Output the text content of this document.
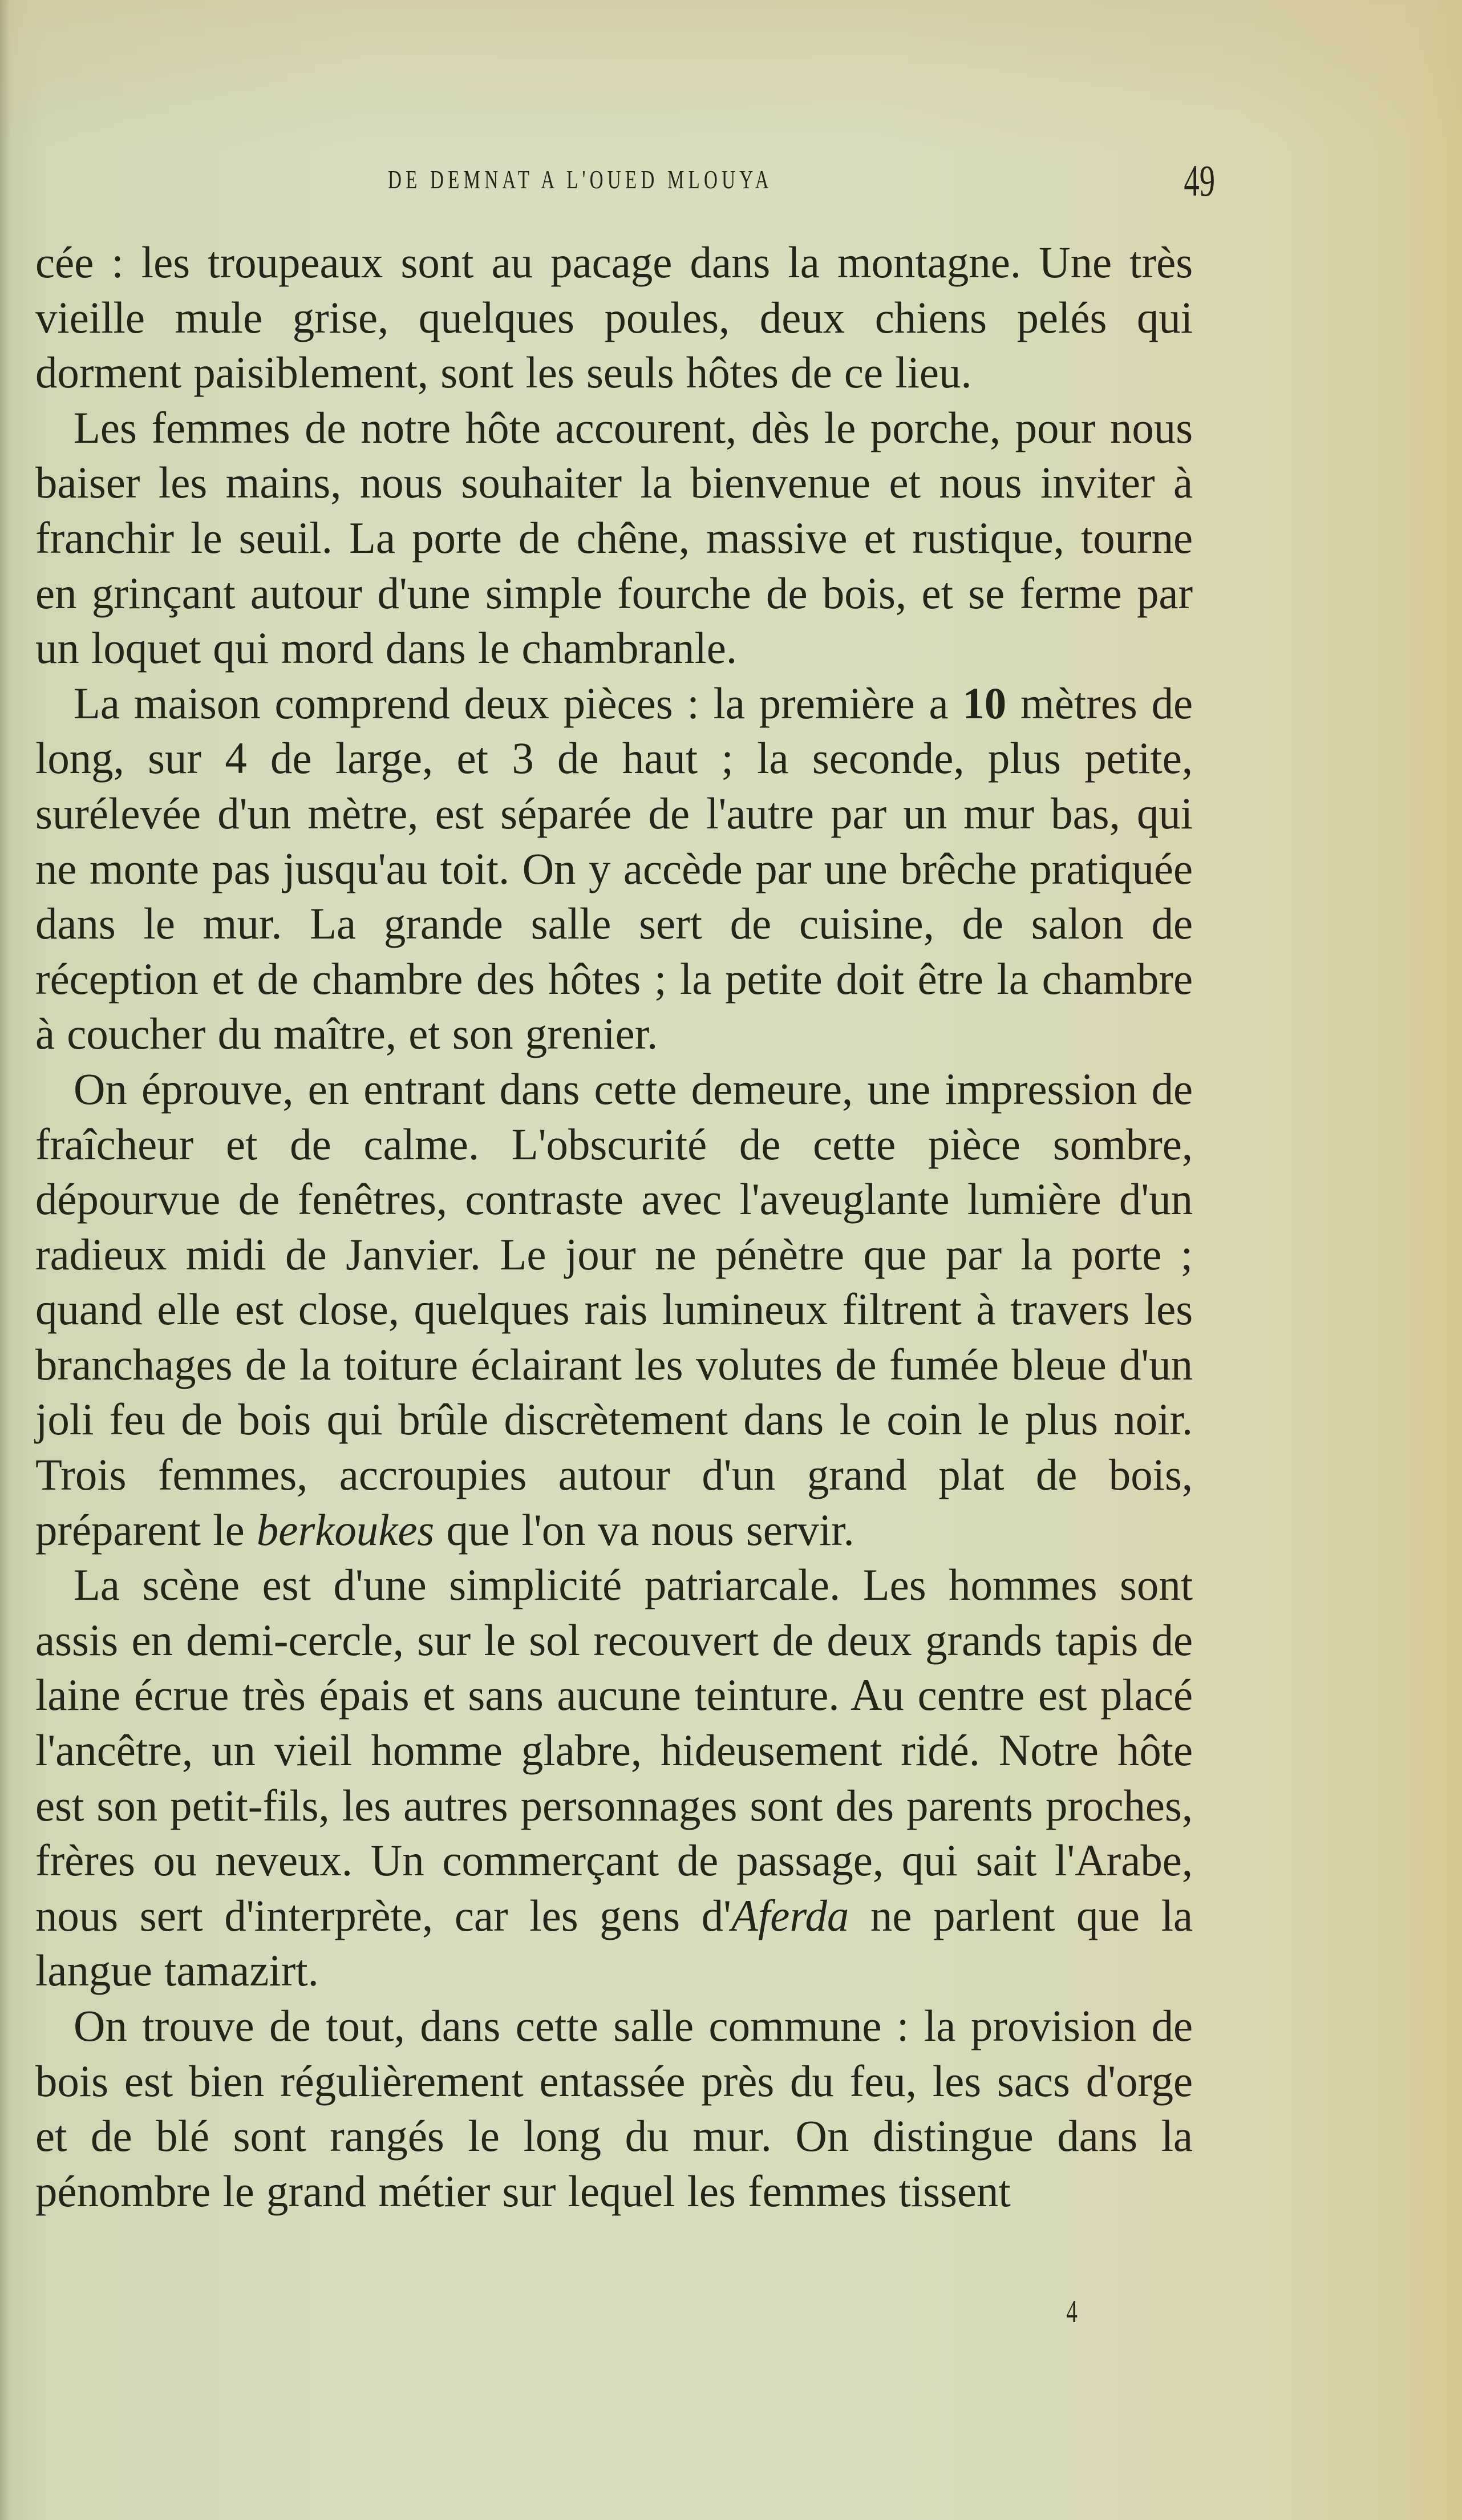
DE DEMNAT A L'OUED MLOUYA	49

cée : les troupeaux sont au pacage dans la montagne. Une très vieille mule grise, quelques poules, deux chiens pelés qui dorment paisiblement, sont les seuls hôtes de ce lieu.

Les femmes de notre hôte accourent, dès le porche, pour nous baiser les mains, nous souhaiter la bienvenue et nous inviter à franchir le seuil. La porte de chêne, massive et rustique, tourne en grinçant autour d'une simple fourche de bois, et se ferme par un loquet qui mord dans le chambranle.

La maison comprend deux pièces : la première a 10 mètres de long, sur 4 de large, et 3 de haut ; la seconde, plus petite, surélevée d'un mètre, est séparée de l'autre par un mur bas, qui ne monte pas jusqu'au toit. On y accède par une brêche pratiquée dans le mur. La grande salle sert de cuisine, de salon de réception et de chambre des hôtes ; la petite doit être la chambre à coucher du maître, et son grenier.

On éprouve, en entrant dans cette demeure, une impression de fraîcheur et de calme. L'obscurité de cette pièce sombre, dépourvue de fenêtres, contraste avec l'aveuglante lumière d'un radieux midi de Janvier. Le jour ne pénètre que par la porte ; quand elle est close, quelques rais lumineux filtrent à travers les branchages de la toiture éclairant les volutes de fumée bleue d'un joli feu de bois qui brûle discrètement dans le coin le plus noir. Trois femmes, accroupies autour d'un grand plat de bois, préparent le berkoukes que l'on va nous servir.

La scène est d'une simplicité patriarcale. Les hommes sont assis en demi-cercle, sur le sol recouvert de deux grands tapis de laine écrue très épais et sans aucune teinture. Au centre est placé l'ancêtre, un vieil homme glabre, hideusement ridé. Notre hôte est son petit-fils, les autres personnages sont des parents proches, frères ou neveux. Un commerçant de passage, qui sait l'Arabe, nous sert d'interprète, car les gens d'Aferda ne parlent que la langue tamazirt.

On trouve de tout, dans cette salle commune : la provision de bois est bien régulièrement entassée près du feu, les sacs d'orge et de blé sont rangés le long du mur. On distingue dans la pénombre le grand métier sur lequel les femmes tissent

4
